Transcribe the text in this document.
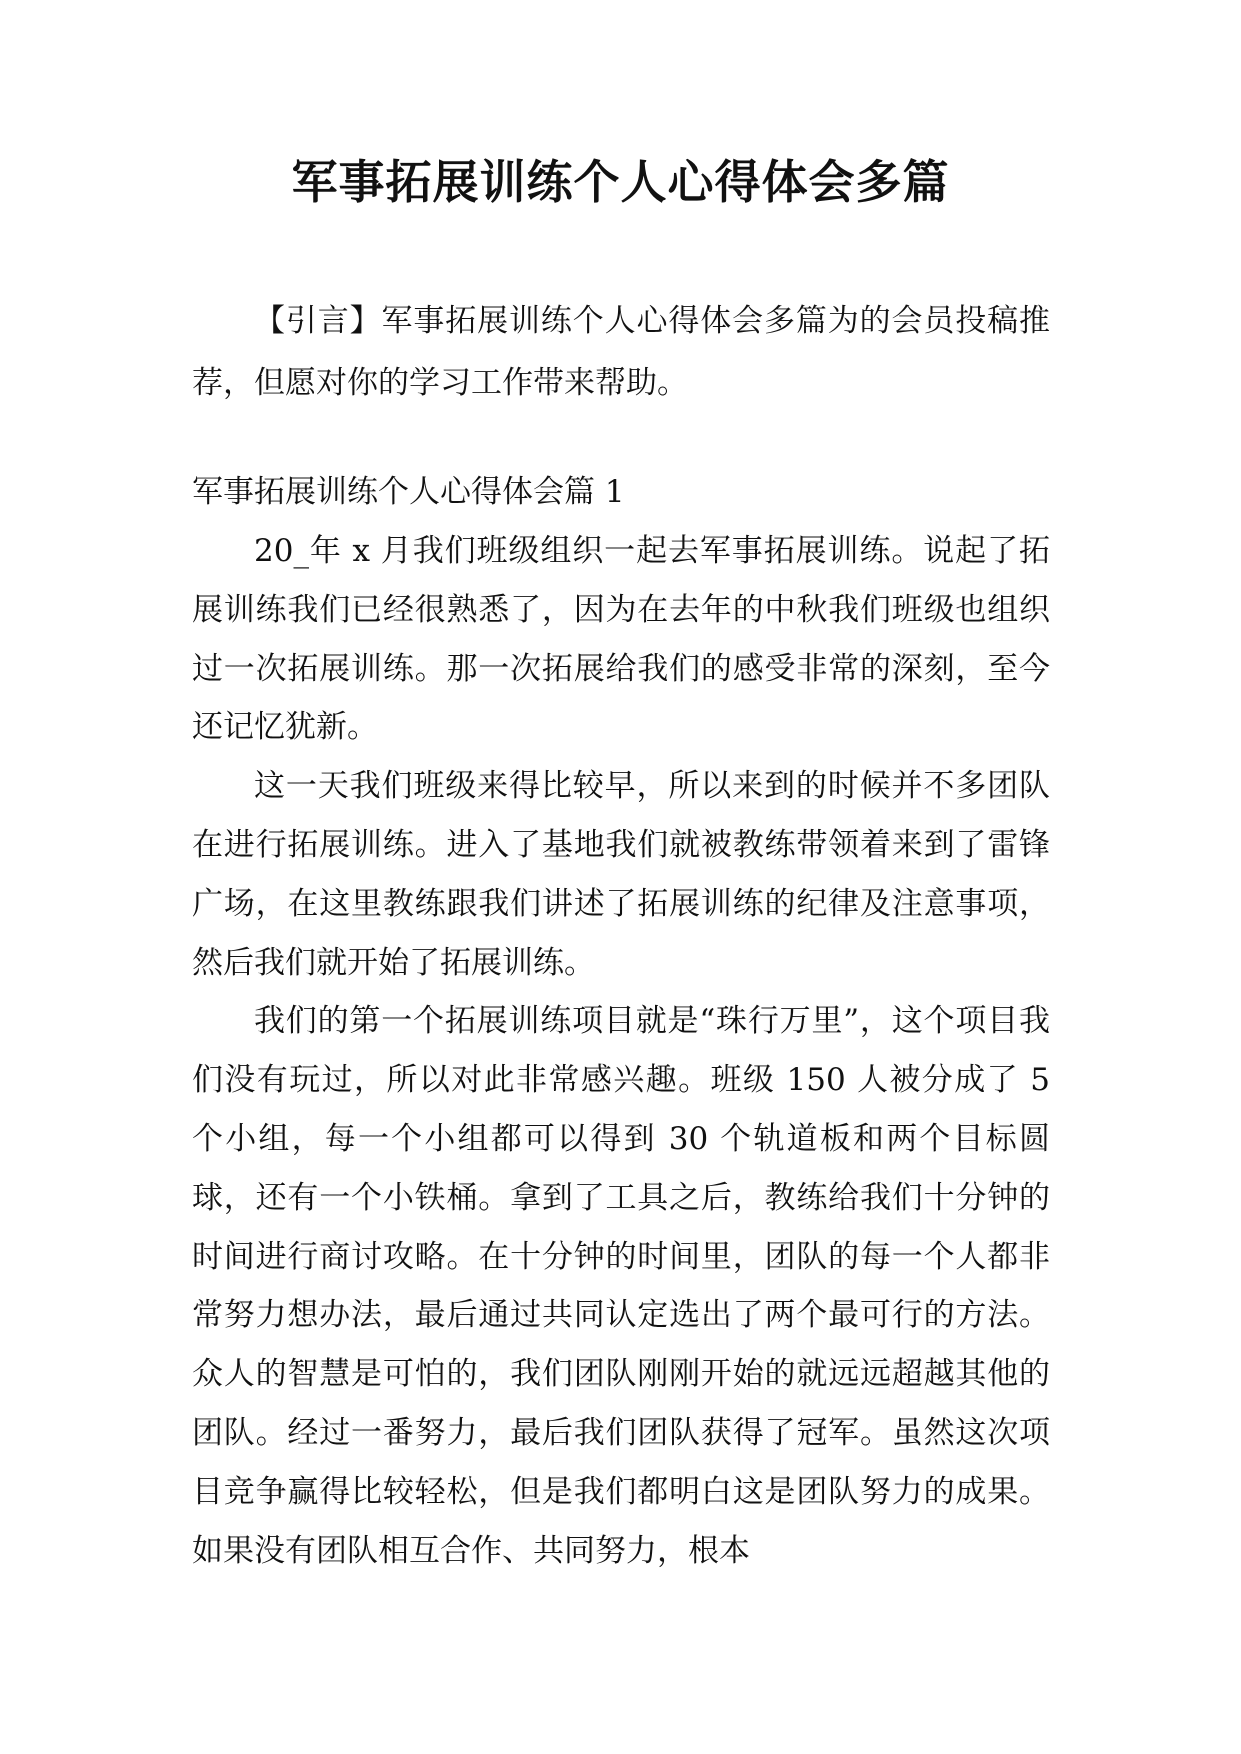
军事拓展训练个人心得体会多篇

【引言】军事拓展训练个人心得体会多篇为的会员投稿推荐，但愿对你的学习工作带来帮助。

军事拓展训练个人心得体会篇 1

20_年 x 月我们班级组织一起去军事拓展训练。说起了拓展训练我们已经很熟悉了，因为在去年的中秋我们班级也组织过一次拓展训练。那一次拓展给我们的感受非常的深刻，至今还记忆犹新。

这一天我们班级来得比较早，所以来到的时候并不多团队在进行拓展训练。进入了基地我们就被教练带领着来到了雷锋广场，在这里教练跟我们讲述了拓展训练的纪律及注意事项，然后我们就开始了拓展训练。

我们的第一个拓展训练项目就是“珠行万里”，这个项目我们没有玩过，所以对此非常感兴趣。班级 150 人被分成了 5 个小组，每一个小组都可以得到 30 个轨道板和两个目标圆球，还有一个小铁桶。拿到了工具之后，教练给我们十分钟的时间进行商讨攻略。在十分钟的时间里，团队的每一个人都非常努力想办法，最后通过共同认定选出了两个最可行的方法。众人的智慧是可怕的，我们团队刚刚开始的就远远超越其他的团队。经过一番努力，最后我们团队获得了冠军。虽然这次项目竞争赢得比较轻松，但是我们都明白这是团队努力的成果。如果没有团队相互合作、共同努力，根本
